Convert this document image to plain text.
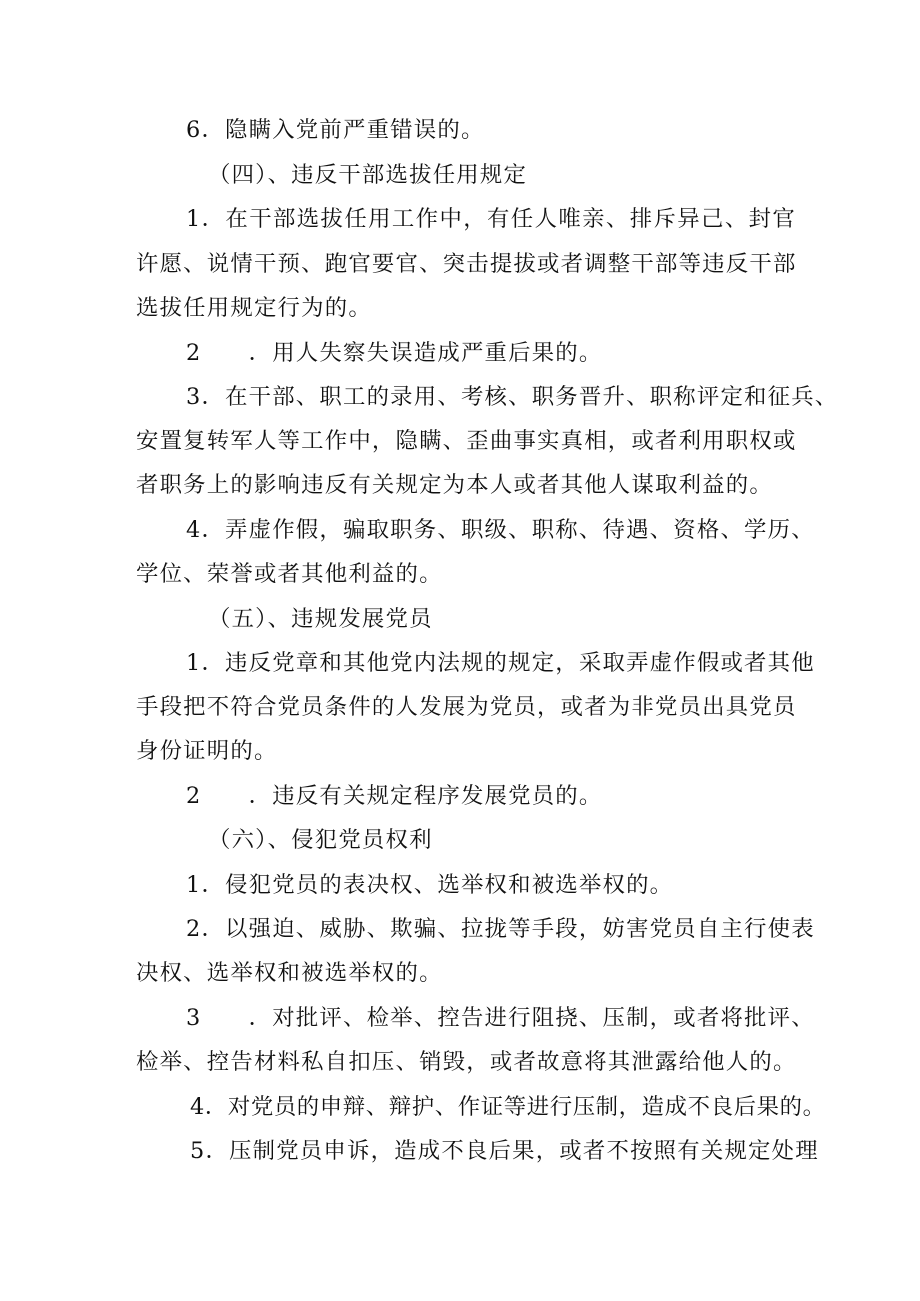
6．隐瞒入党前严重错误的。
（四）、违反干部选拔任用规定
1．在干部选拔任用工作中，有任人唯亲、排斥异己、封官
许愿、说情干预、跑官要官、突击提拔或者调整干部等违反干部
选拔任用规定行为的。
2　　．用人失察失误造成严重后果的。
3．在干部、职工的录用、考核、职务晋升、职称评定和征兵、
安置复转军人等工作中，隐瞒、歪曲事实真相，或者利用职权或
者职务上的影响违反有关规定为本人或者其他人谋取利益的。
4．弄虚作假，骗取职务、职级、职称、待遇、资格、学历、
学位、荣誉或者其他利益的。
（五）、违规发展党员
1．违反党章和其他党内法规的规定，采取弄虚作假或者其他
手段把不符合党员条件的人发展为党员，或者为非党员出具党员
身份证明的。
2　　．违反有关规定程序发展党员的。
（六）、侵犯党员权利
1．侵犯党员的表决权、选举权和被选举权的。
2．以强迫、威胁、欺骗、拉拢等手段，妨害党员自主行使表
决权、选举权和被选举权的。
3　　．对批评、检举、控告进行阻挠、压制，或者将批评、
检举、控告材料私自扣压、销毁，或者故意将其泄露给他人的。
4．对党员的申辩、辩护、作证等进行压制，造成不良后果的。
5．压制党员申诉，造成不良后果，或者不按照有关规定处理
